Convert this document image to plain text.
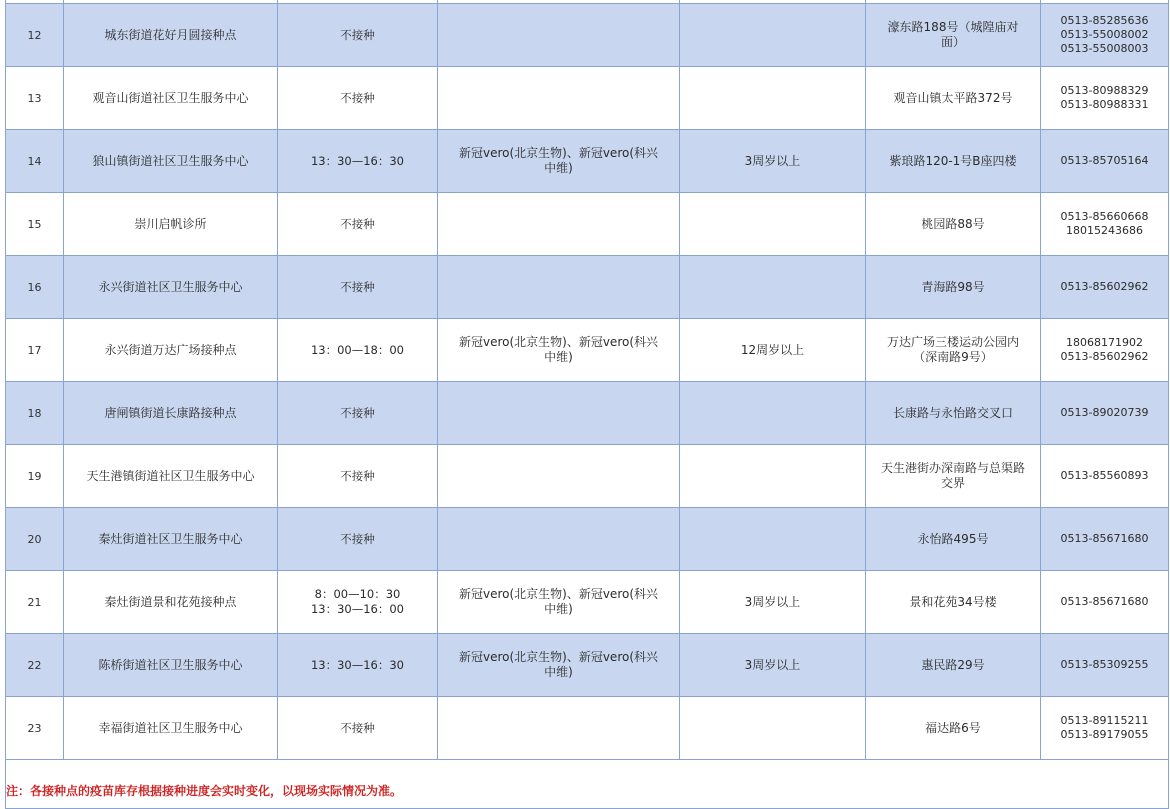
12	城东街道花好月圆接种点	不接种			濠东路188号（城隍庙对
面）	0513-85285636
0513-55008002
0513-55008003
13	观音山街道社区卫生服务中心	不接种			观音山镇太平路372号	0513-80988329
0513-80988331
14	狼山镇街道社区卫生服务中心	13：30—16：30	新冠vero(北京生物)、新冠vero(科兴
中维)	3周岁以上	紫琅路120-1号B座四楼	0513-85705164
15	崇川启帆诊所	不接种			桃园路88号	0513-85660668
18015243686
16	永兴街道社区卫生服务中心	不接种			青海路98号	0513-85602962
17	永兴街道万达广场接种点	13：00—18：00	新冠vero(北京生物)、新冠vero(科兴
中维)	12周岁以上	万达广场三楼运动公园内
（深南路9号）	18068171902
0513-85602962
18	唐闸镇街道长康路接种点	不接种			长康路与永怡路交叉口	0513-89020739
19	天生港镇街道社区卫生服务中心	不接种			天生港街办深南路与总渠路
交界	0513-85560893
20	秦灶街道社区卫生服务中心	不接种			永怡路495号	0513-85671680
21	秦灶街道景和花苑接种点	8：00—10：30
13：30—16：00	新冠vero(北京生物)、新冠vero(科兴
中维)	3周岁以上	景和花苑34号楼	0513-85671680
22	陈桥街道社区卫生服务中心	13：30—16：30	新冠vero(北京生物)、新冠vero(科兴
中维)	3周岁以上	惠民路29号	0513-85309255
23	幸福街道社区卫生服务中心	不接种			福达路6号	0513-89115211
0513-89179055

注：各接种点的疫苗库存根据接种进度会实时变化，以现场实际情况为准。						
